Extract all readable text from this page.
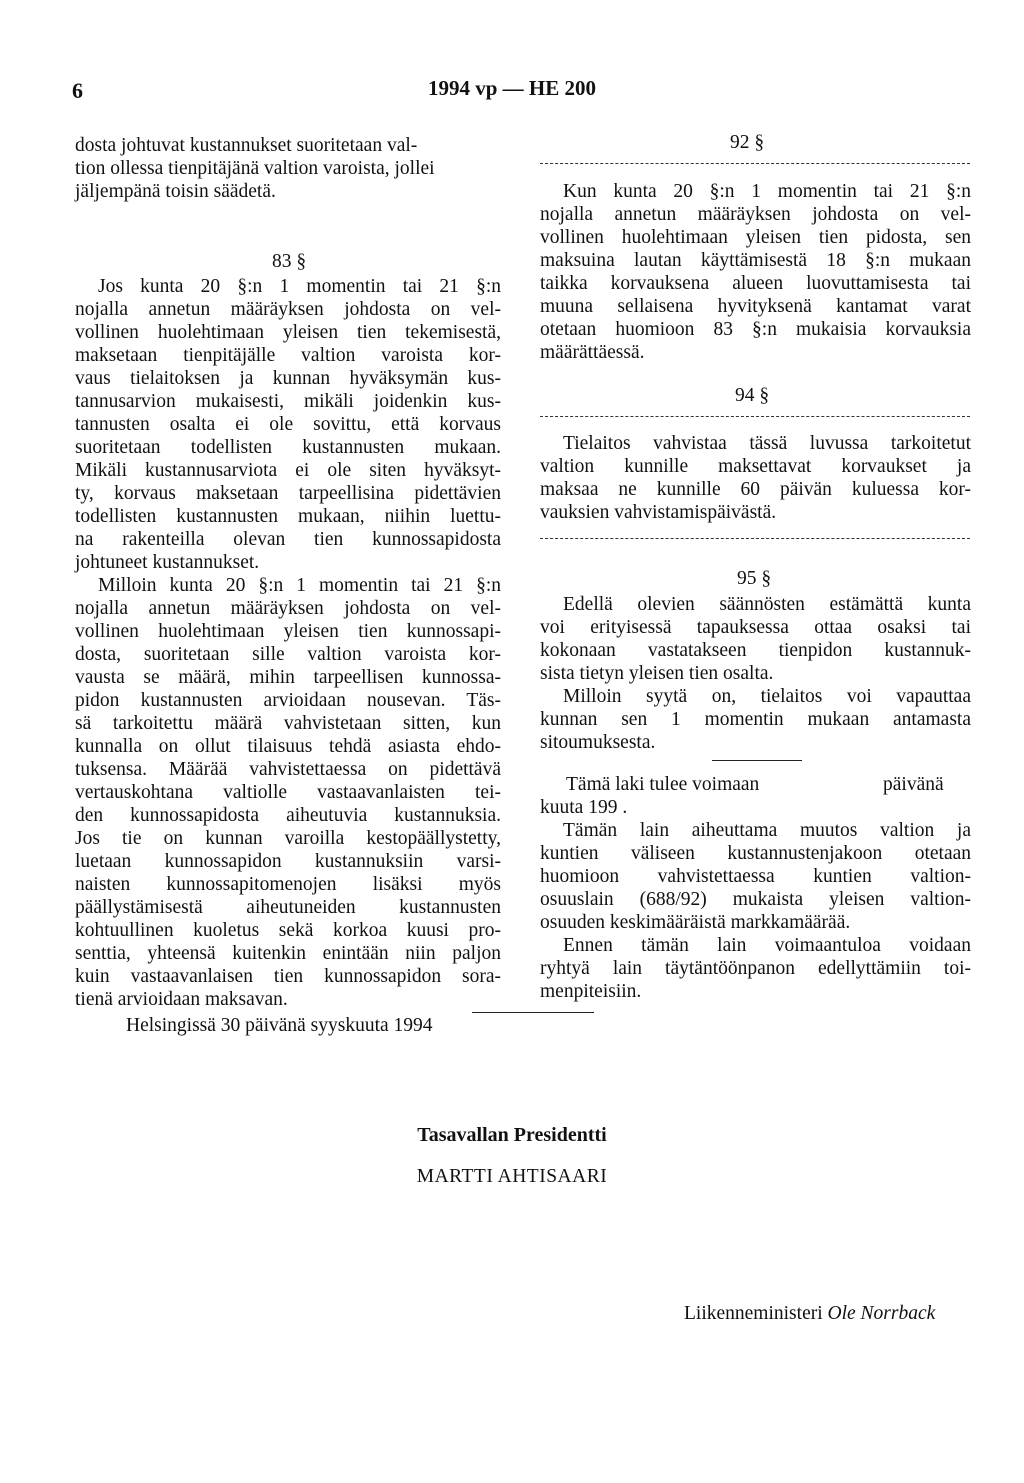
6	1994 vp — HE 200
dosta johtuvat kustannukset suoritetaan val-
tion ollessa tienpitäjänä valtion varoista, jollei
jäljempänä toisin säädetä.
83 §
Jos kunta 20 §:n 1 momentin tai 21 §:n
nojalla annetun määräyksen johdosta on vel-
vollinen huolehtimaan yleisen tien tekemisestä,
maksetaan tienpitäjälle valtion varoista kor-
vaus tielaitoksen ja kunnan hyväksymän kus-
tannusarvion mukaisesti, mikäli joidenkin kus-
tannusten osalta ei ole sovittu, että korvaus
suoritetaan todellisten kustannusten mukaan.
Mikäli kustannusarviota ei ole siten hyväksyt-
ty, korvaus maksetaan tarpeellisina pidettävien
todellisten kustannusten mukaan, niihin luettu-
na rakenteilla olevan tien kunnossapidosta
johtuneet kustannukset.
Milloin kunta 20 §:n 1 momentin tai 21 §:n
nojalla annetun määräyksen johdosta on vel-
vollinen huolehtimaan yleisen tien kunnossapi-
dosta, suoritetaan sille valtion varoista kor-
vausta se määrä, mihin tarpeellisen kunnossa-
pidon kustannusten arvioidaan nousevan. Täs-
sä tarkoitettu määrä vahvistetaan sitten, kun
kunnalla on ollut tilaisuus tehdä asiasta ehdo-
tuksensa. Määrää vahvistettaessa on pidettävä
vertauskohtana valtiolle vastaavanlaisten tei-
den kunnossapidosta aiheutuvia kustannuksia.
Jos tie on kunnan varoilla kestopäällystetty,
luetaan kunnossapidon kustannuksiin varsi-
naisten kunnossapitomenojen lisäksi myös
päällystämisestä aiheutuneiden kustannusten
kohtuullinen kuoletus sekä korkoa kuusi pro-
senttia, yhteensä kuitenkin enintään niin paljon
kuin vastaavanlaisen tien kunnossapidon sora-
tienä arvioidaan maksavan.
92 §
Kun kunta 20 §:n 1 momentin tai 21 §:n
nojalla annetun määräyksen johdosta on vel-
vollinen huolehtimaan yleisen tien pidosta, sen
maksuina lautan käyttämisestä 18 §:n mukaan
taikka korvauksena alueen luovuttamisesta tai
muuna sellaisena hyvityksenä kantamat varat
otetaan huomioon 83 §:n mukaisia korvauksia
määrättäessä.
94 §
Tielaitos vahvistaa tässä luvussa tarkoitetut
valtion kunnille maksettavat korvaukset ja
maksaa ne kunnille 60 päivän kuluessa kor-
vauksien vahvistamispäivästä.
95 §
Edellä olevien säännösten estämättä kunta
voi erityisessä tapauksessa ottaa osaksi tai
kokonaan vastatakseen tienpidon kustannuk-
sista tietyn yleisen tien osalta.
Milloin syytä on, tielaitos voi vapauttaa
kunnan sen 1 momentin mukaan antamasta
sitoumuksesta.
Tämä laki tulee voimaan	päivänä
kuuta 199 .
Tämän lain aiheuttama muutos valtion ja
kuntien väliseen kustannustenjakoon otetaan
huomioon vahvistettaessa kuntien valtion-
osuuslain (688/92) mukaista yleisen valtion-
osuuden keskimääräistä markkamäärää.
Ennen tämän lain voimaantuloa voidaan
ryhtyä lain täytäntöönpanon edellyttämiin toi-
menpiteisiin.
Helsingissä 30 päivänä syyskuuta 1994
Tasavallan Presidentti
MARTTI AHTISAARI
Liikenneministeri Ole Norrback
